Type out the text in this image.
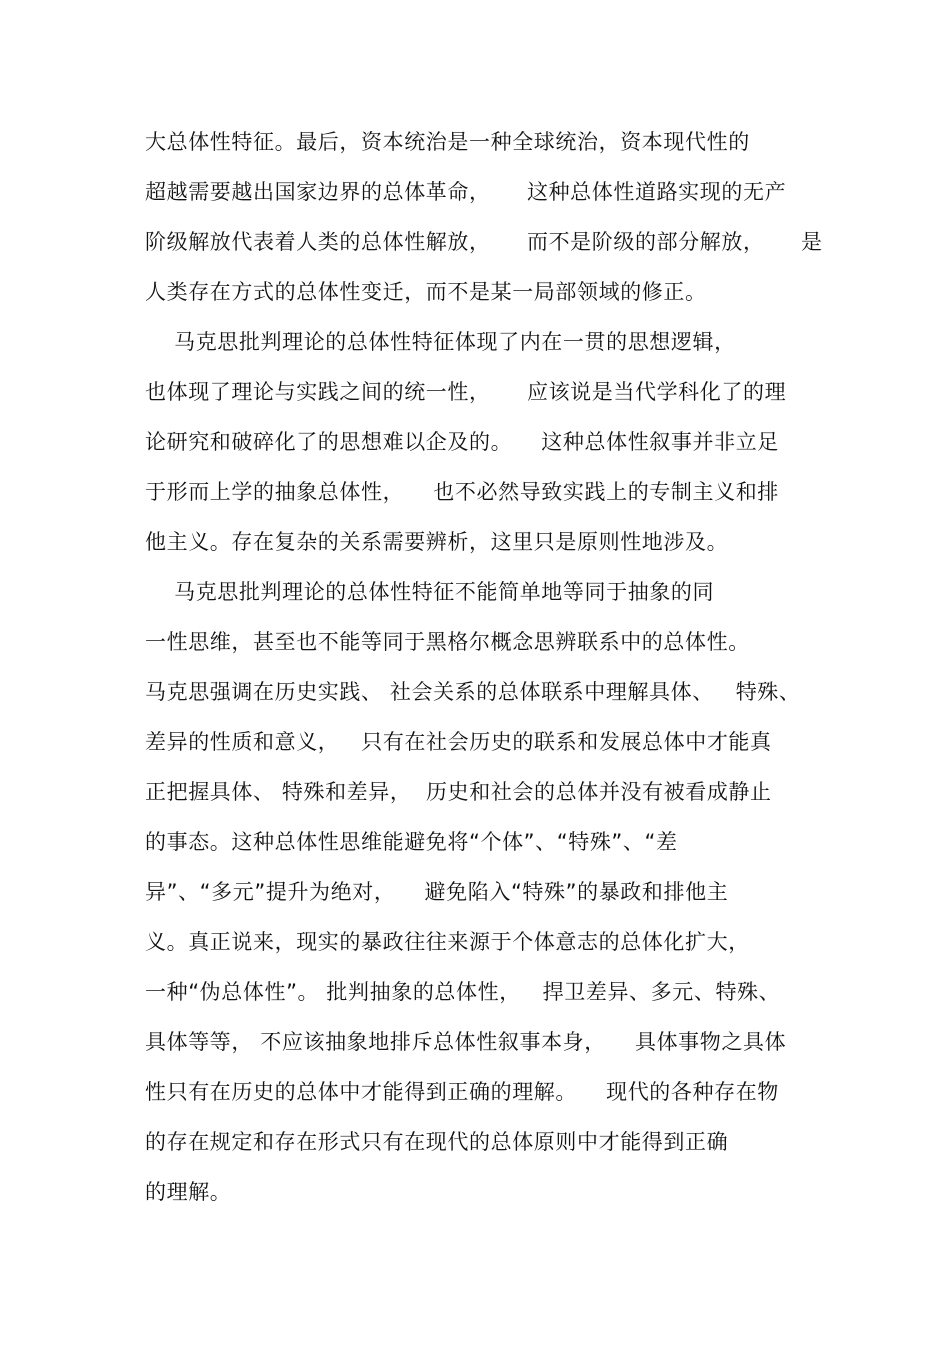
大总体性特征。最后，资本统治是一种全球统治，资本现代性的
超越需要越出国家边界的总体革命，     这种总体性道路实现的无产
阶级解放代表着人类的总体性解放，     而不是阶级的部分解放，     是
人类存在方式的总体性变迁，而不是某一局部领域的修正。
马克思批判理论的总体性特征体现了内在一贯的思想逻辑，
也体现了理论与实践之间的统一性，     应该说是当代学科化了的理
论研究和破碎化了的思想难以企及的。    这种总体性叙事并非立足
于形而上学的抽象总体性，    也不必然导致实践上的专制主义和排
他主义。存在复杂的关系需要辨析，这里只是原则性地涉及。
马克思批判理论的总体性特征不能简单地等同于抽象的同
一性思维，甚至也不能等同于黑格尔概念思辨联系中的总体性。
马克思强调在历史实践、 社会关系的总体联系中理解具体、   特殊、
差异的性质和意义，   只有在社会历史的联系和发展总体中才能真
正把握具体、 特殊和差异，  历史和社会的总体并没有被看成静止
的事态。这种总体性思维能避免将“个体”、“特殊”、“差
异”、“多元”提升为绝对，    避免陷入“特殊”的暴政和排他主
义。真正说来，现实的暴政往往来源于个体意志的总体化扩大，
一种“伪总体性”。 批判抽象的总体性，   捍卫差异、多元、特殊、
具体等等， 不应该抽象地排斥总体性叙事本身，    具体事物之具体
性只有在历史的总体中才能得到正确的理解。    现代的各种存在物
的存在规定和存在形式只有在现代的总体原则中才能得到正确
的理解。
